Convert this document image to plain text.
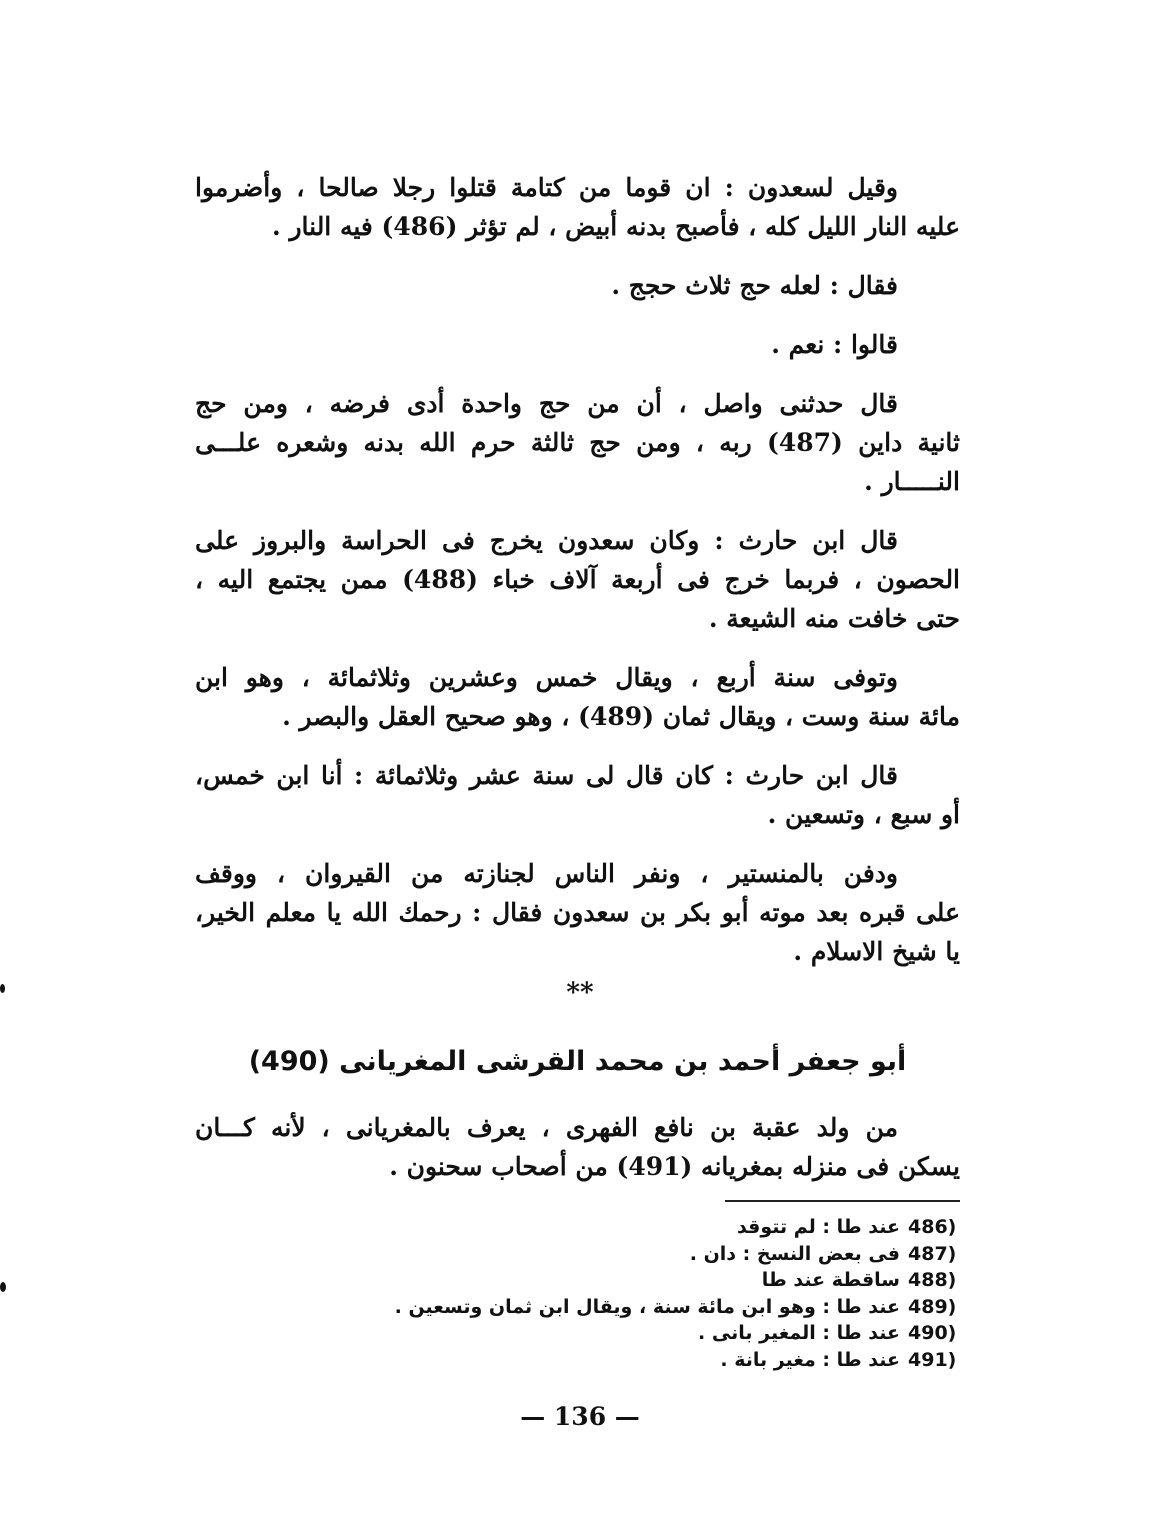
وقيل لسعدون : ان قوما من كتامة قتلوا رجلا صالحا ، وأضرموا
عليه النار الليل كله ، فأصبح بدنه أبيض ، لم تؤثر (486) فيه النار .
فقال : لعله حج ثلاث حجج .
قالوا : نعم .
قال حدثنى واصل ، أن من حج واحدة أدى فرضه ، ومن حج
ثانية داين (487) ربه ، ومن حج ثالثة حرم الله بدنه وشعره علـــى
النـــــار .
قال ابن حارث : وكان سعدون يخرج فى الحراسة والبروز على
الحصون ، فربما خرج فى أربعة آلاف خباء (488) ممن يجتمع اليه ،
حتى خافت منه الشيعة .
وتوفى سنة أربع ، ويقال خمس وعشرين وثلاثمائة ، وهو ابن
مائة سنة وست ، ويقال ثمان (489) ، وهو صحيح العقل والبصر .
قال ابن حارث : كان قال لى سنة عشر وثلاثمائة : أنا ابن خمس،
أو سبع ، وتسعين .
ودفن بالمنستير ، ونفر الناس لجنازته من القيروان ، ووقف
على قبره بعد موته أبو بكر بن سعدون فقال : رحمك الله يا معلم الخير،
يا شيخ الاسلام .
**
أبو جعفر أحمد بن محمد القرشى المغريانى (490)
من ولد عقبة بن نافع الفهرى ، يعرف بالمغريانى ، لأنه كـــان
يسكن فى منزله بمغريانه (491) من أصحاب سحنون .
486)
عند طا : لم تتوقد
487)
فى بعض النسخ : دان .
488)
ساقطة عند طا
489)
عند طا : وهو ابن مائة سنة ، ويقال ابن ثمان وتسعين .
490)
عند طا : المغير بانى .
491)
عند طا : مغير بانة .
— 136 —
